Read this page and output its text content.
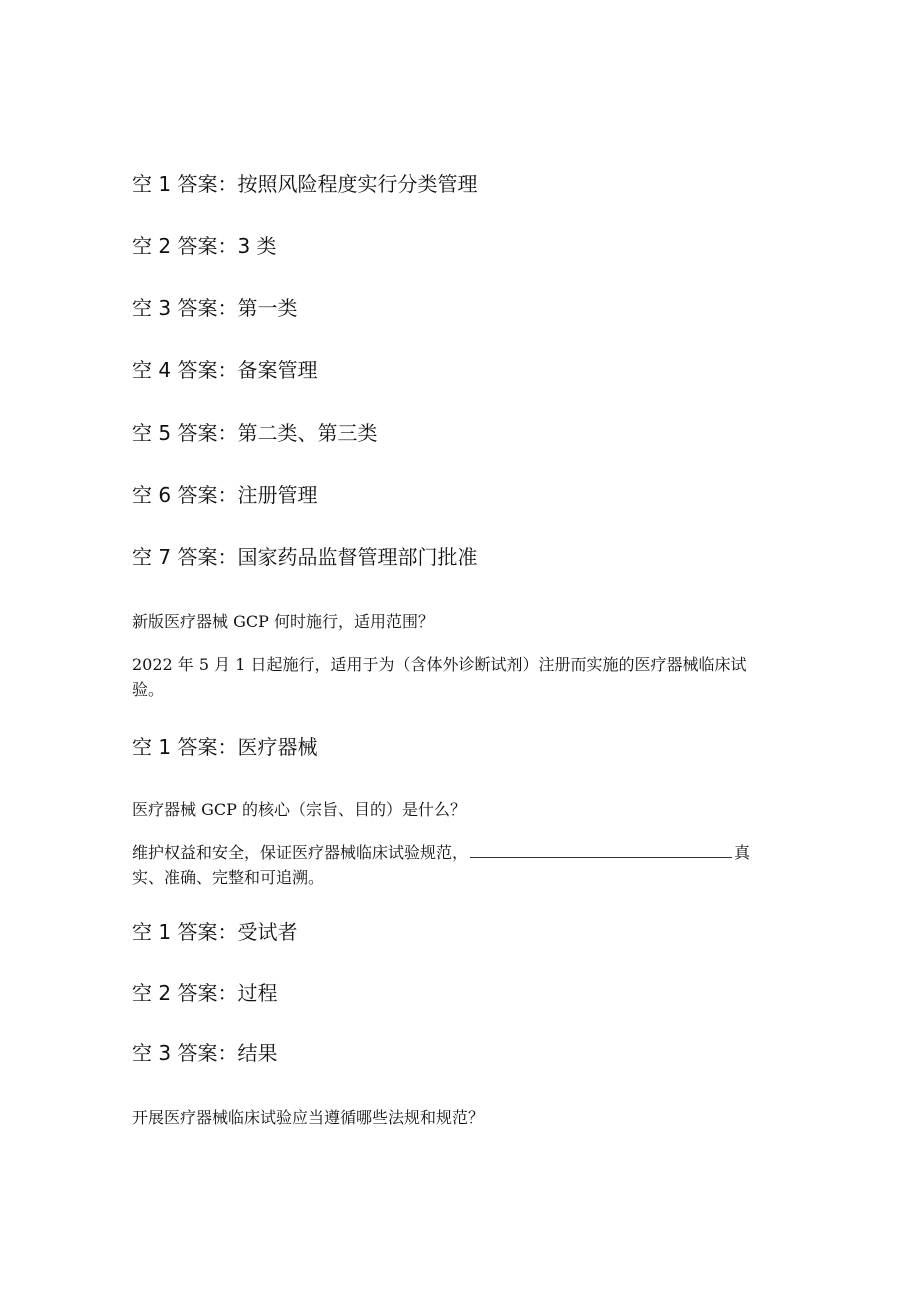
空 1 答案：按照风险程度实行分类管理
空 2 答案：3 类
空 3 答案：第一类
空 4 答案：备案管理
空 5 答案：第二类、第三类
空 6 答案：注册管理
空 7 答案：国家药品监督管理部门批准
新版医疗器械 GCP 何时施行，适用范围？
2022 年 5 月 1 日起施行，适用于为（含体外诊断试剂）注册而实施的医疗器械临床试
验。
空 1 答案：医疗器械
医疗器械 GCP 的核心（宗旨、目的）是什么？
维护权益和安全，保证医疗器械临床试验规范，	真
实、准确、完整和可追溯。
空 1 答案：受试者
空 2 答案：过程
空 3 答案：结果
开展医疗器械临床试验应当遵循哪些法规和规范？
